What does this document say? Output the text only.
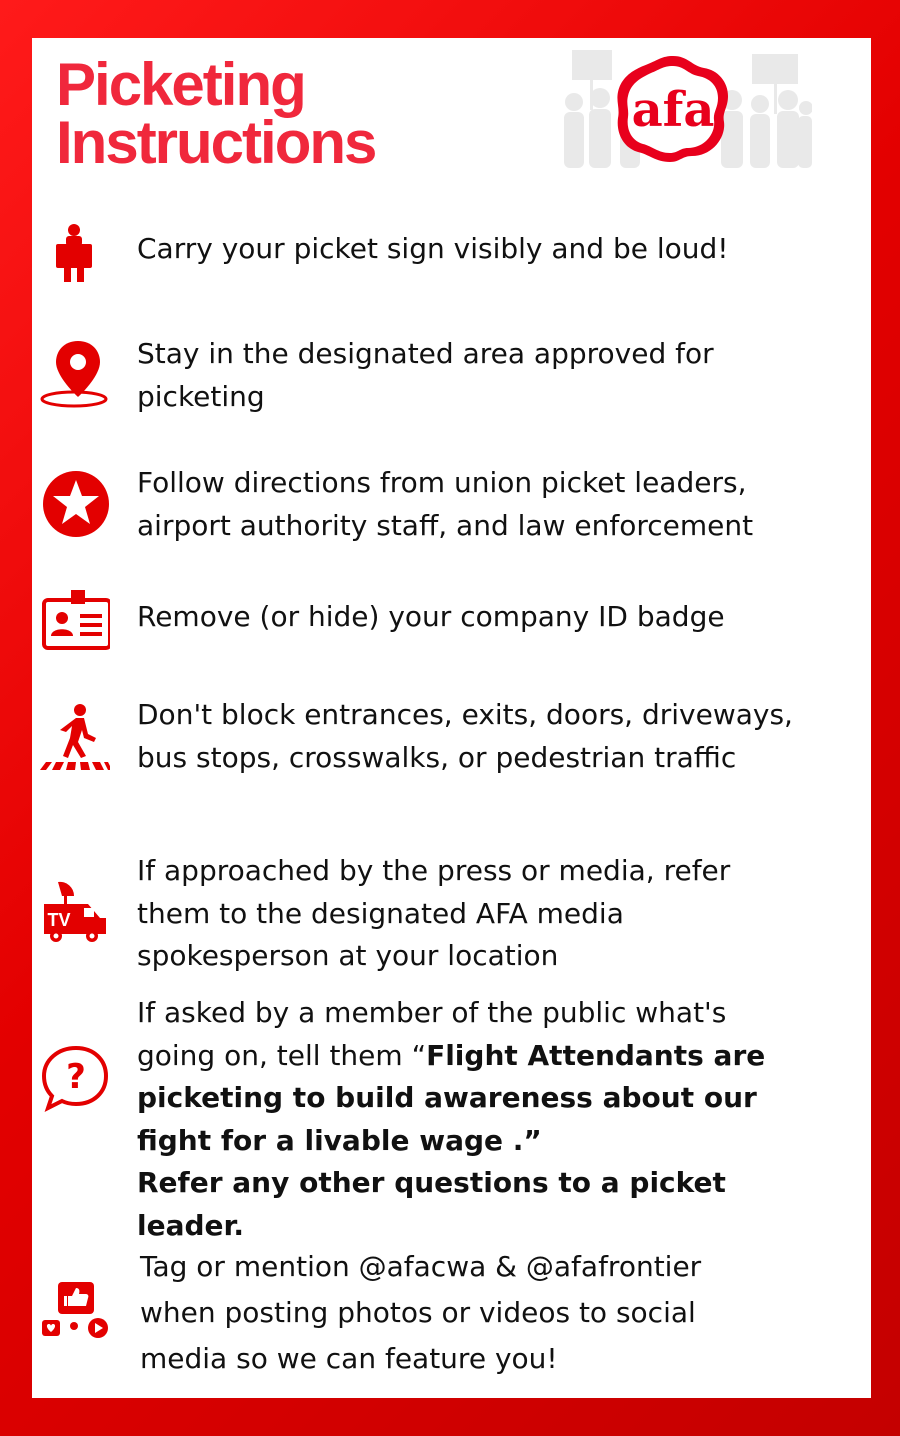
Picketing
Instructions	afa
Carry your picket sign visibly and be loud!
Stay in the designated area approved for
picketing
Follow directions from union picket leaders,
airport authority staff, and law enforcement
Remove (or hide) your company ID badge
Don't block entrances, exits, doors, driveways,
bus stops, crosswalks, or pedestrian traffic
TV
If approached by the press or media, refer
them to the designated AFA media
spokesperson at your location
?
If asked by a member of the public what's
going on, tell them “Flight Attendants are
picketing to build awareness about our
fight for a livable wage .”
Refer any other questions to a picket
leader.
Tag or mention @afacwa & @afafrontier
when posting photos or videos to social
media so we can feature you!
